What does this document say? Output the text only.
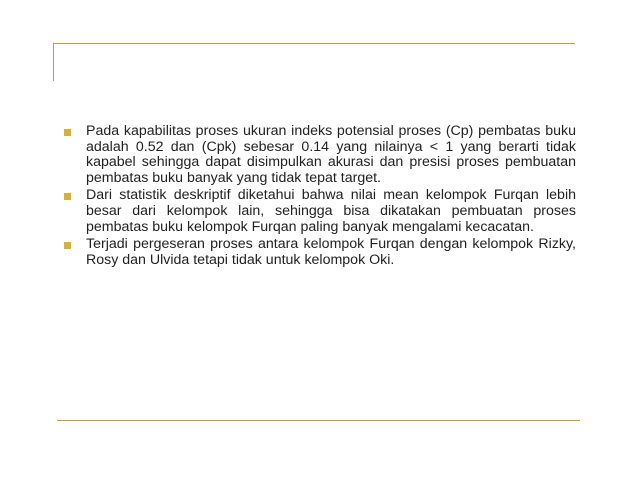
Pada kapabilitas proses ukuran indeks potensial proses (Cp) pembatas buku adalah 0.52 dan (Cpk) sebesar 0.14 yang nilainya < 1 yang berarti tidak kapabel sehingga dapat disimpulkan akurasi dan presisi proses pembuatan pembatas buku banyak yang tidak tepat target.
Dari statistik deskriptif diketahui bahwa nilai mean kelompok Furqan lebih besar dari kelompok lain, sehingga bisa dikatakan pembuatan proses pembatas buku kelompok Furqan paling banyak mengalami kecacatan.
Terjadi pergeseran proses antara kelompok Furqan dengan kelompok Rizky, Rosy dan Ulvida tetapi tidak untuk kelompok Oki.
